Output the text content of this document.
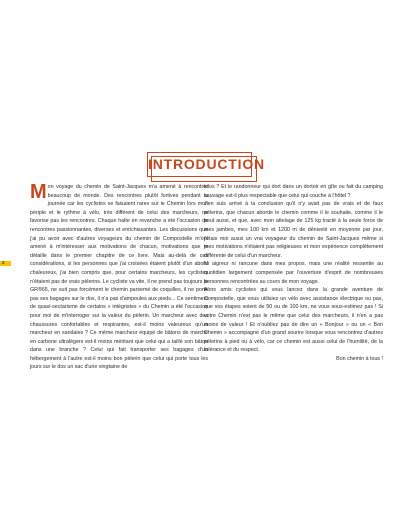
2
INTRODUCTION

Mon voyage du chemin de Saint-Jacques m'a amené à rencontrer beaucoup de monde. Des rencontres plutôt furtives pendant la journée car les cyclistes se faisaient rares sur le Chemin lors mon périple et le rythme à vélo, très différent de celui des marcheurs, ne favorise pas les rencontres. Chaque halte en revanche a été l'occasion de rencontres passionnantes, diverses et enrichissantes. Les discussions que j'ai pu avoir avec d'autres voyageurs du chemin de Compostelle m'ont amené à m'intéresser aux motivations de chacun, motivations que je détaille dans le premier chapitre de ce livre. Mais au-delà de ces considérations, si les personnes que j'ai croisées étaient plutôt d'un abord chaleureux, j'ai bien compris que, pour certains marcheurs, les cyclistes n'étaient pas de vrais pèlerins. Le cycliste va vite, il ne prend pas toujours le GR®65, ne suit pas forcément le chemin parsemé de coquilles, il ne porte pas ses bagages sur le dos, il n'a pas d'ampoules aux pieds... Ce sentiment de quasi-sectarisme de certains « intégristes » du Chemin a été l'occasion pour moi de m'interroger sur la valeur du pèlerin. Un marcheur avec des chaussures confortables et respirantes, est-il moins valeureux qu'un marcheur en sandales ? Ce même marcheur équipé de bâtons de marche en carbone ultralégers est-il moins méritant que celui qui a taillé son bâton dans une branche ? Celui qui fait transporter ses bagages d'un hébergement à l'autre est-il moins bon pèlerin que celui qui porte tous les jours sur le dos un sac d'une vingtaine de

kilos ? Et le randonneur qui dort dans un dortoir en gîte ou fait du camping sauvage est-il plus respectable que celui qui couche à l'hôtel ?

J'en suis arrivé à la conclusion qu'il n'y avait pas de vrais et de faux pèlerins, que chacun aborde le chemin comme il le souhaite, comme il le peut aussi, et que, avec mon attelage de 125 kg tracté à la seule force de mes jambes, mes 100 km et 1200 m de dénivelé en moyenne par jour, j'étais moi aussi un vrai voyageur du chemin de Saint-Jacques même si mes motivations n'étaient pas religieuses et mon expérience complètement différente de celui d'un marcheur.

Ni aigreur ni rancune dans mes propos, mais une réalité ressentie au quotidien largement compensée par l'ouverture d'esprit de nombreuses personnes rencontrées au cours de mon voyage.

Alors amis cyclistes qui vous lancez dans la grande aventure de Compostelle, que vous utilisiez un vélo avec assistance électrique ou pas, que vos étapes soient de 50 ou de 100 km, ne vous sous-estimez pas ! Si votre Chemin n'est pas le même que celui des marcheurs, il n'en a pas moins de valeur ! Et n'oubliez pas de dire un « Bonjour » ou un « Bon Chemin » accompagné d'un grand sourire lorsque vous rencontrez d'autres pèlerins à pied ou à vélo, car ce chemin est aussi celui de l'humilité, de la tolérance et du respect.

Bon chemin à tous !
